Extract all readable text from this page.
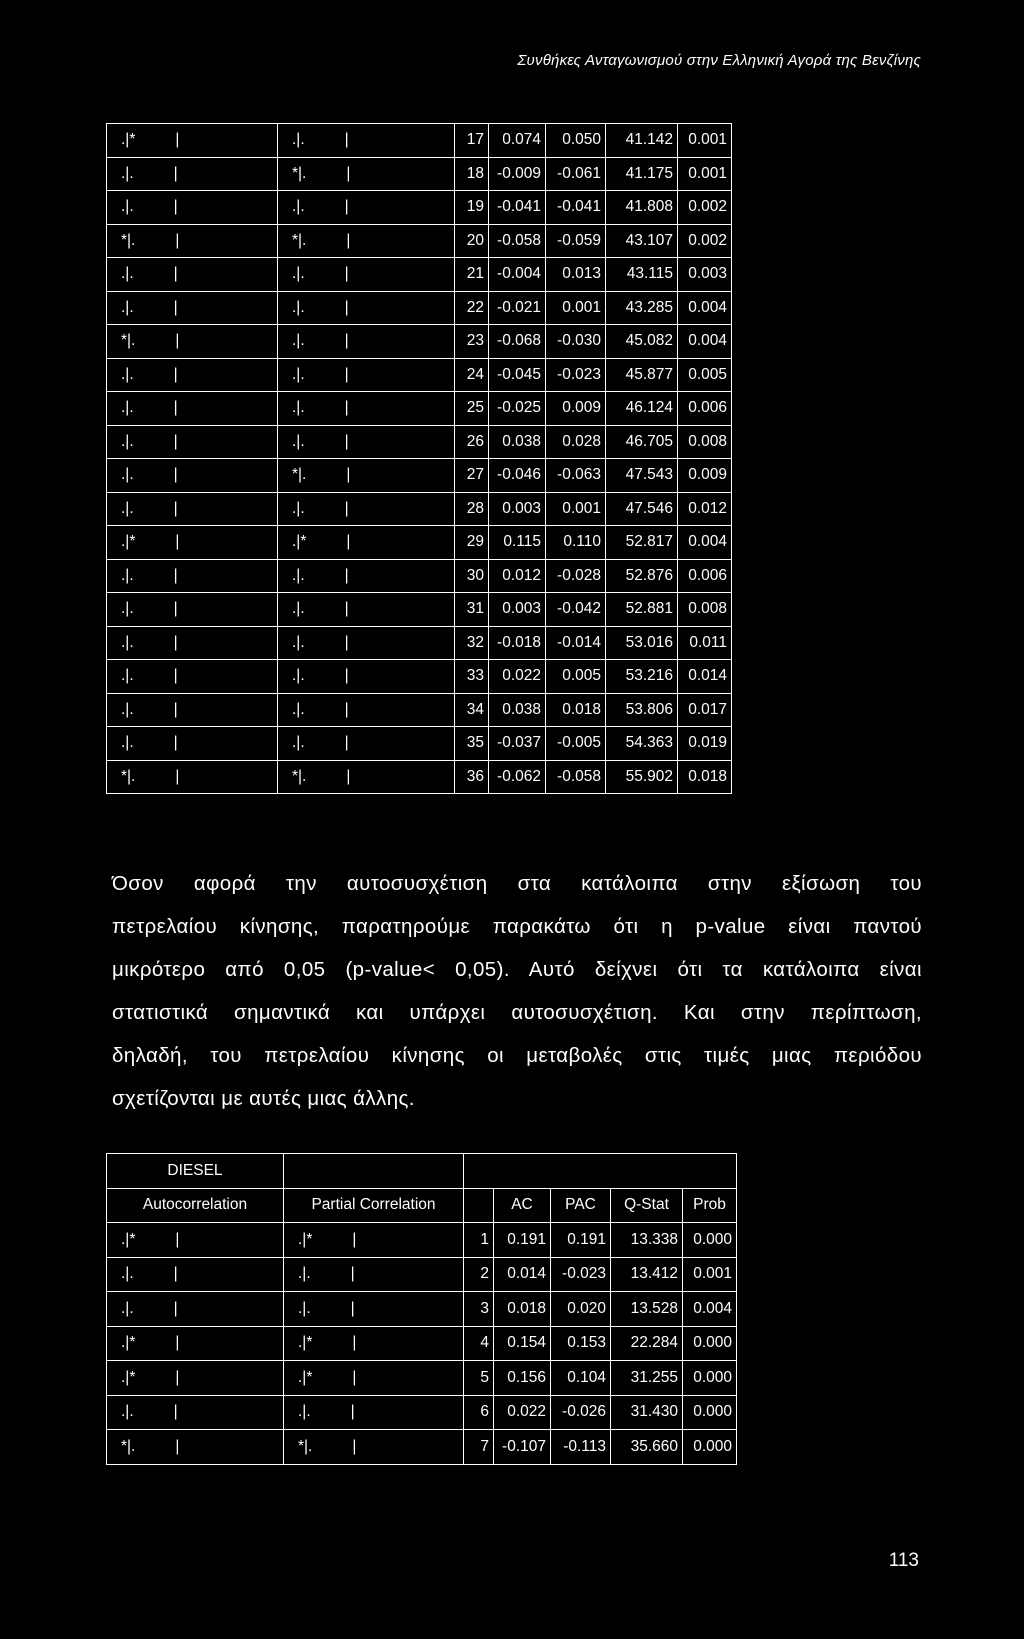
Συνθήκες Ανταγωνισμού στην Ελληνική Αγορά της Βενζίνης
.|* |	.|. |	17	0.074	0.050	41.142	0.001
.|. |	*|. |	18	-0.009	-0.061	41.175	0.001
.|. |	.|. |	19	-0.041	-0.041	41.808	0.002
*|. |	*|. |	20	-0.058	-0.059	43.107	0.002
.|. |	.|. |	21	-0.004	0.013	43.115	0.003
.|. |	.|. |	22	-0.021	0.001	43.285	0.004
*|. |	.|. |	23	-0.068	-0.030	45.082	0.004
.|. |	.|. |	24	-0.045	-0.023	45.877	0.005
.|. |	.|. |	25	-0.025	0.009	46.124	0.006
.|. |	.|. |	26	0.038	0.028	46.705	0.008
.|. |	*|. |	27	-0.046	-0.063	47.543	0.009
.|. |	.|. |	28	0.003	0.001	47.546	0.012
.|* |	.|* |	29	0.115	0.110	52.817	0.004
.|. |	.|. |	30	0.012	-0.028	52.876	0.006
.|. |	.|. |	31	0.003	-0.042	52.881	0.008
.|. |	.|. |	32	-0.018	-0.014	53.016	0.011
.|. |	.|. |	33	0.022	0.005	53.216	0.014
.|. |	.|. |	34	0.038	0.018	53.806	0.017
.|. |	.|. |	35	-0.037	-0.005	54.363	0.019
*|. |	*|. |	36	-0.062	-0.058	55.902	0.018
Όσον αφορά την αυτοσυσχέτιση στα κατάλοιπα στην εξίσωση του
πετρελαίου κίνησης, παρατηρούμε παρακάτω ότι η p-value είναι παντού
μικρότερο από 0,05 (p-value< 0,05). Αυτό δείχνει ότι τα κατάλοιπα είναι
στατιστικά σημαντικά και υπάρχει αυτοσυσχέτιση. Και στην περίπτωση,
δηλαδή, του πετρελαίου κίνησης οι μεταβολές στις τιμές μιας περιόδου
σχετίζονται με αυτές μιας άλλης.
DIESEL						
Autocorrelation	Partial Correlation		AC	PAC	Q-Stat	Prob
.|* |	.|* |	1	0.191	0.191	13.338	0.000
.|. |	.|. |	2	0.014	-0.023	13.412	0.001
.|. |	.|. |	3	0.018	0.020	13.528	0.004
.|* |	.|* |	4	0.154	0.153	22.284	0.000
.|* |	.|* |	5	0.156	0.104	31.255	0.000
.|. |	.|. |	6	0.022	-0.026	31.430	0.000
*|. |	*|. |	7	-0.107	-0.113	35.660	0.000
113
